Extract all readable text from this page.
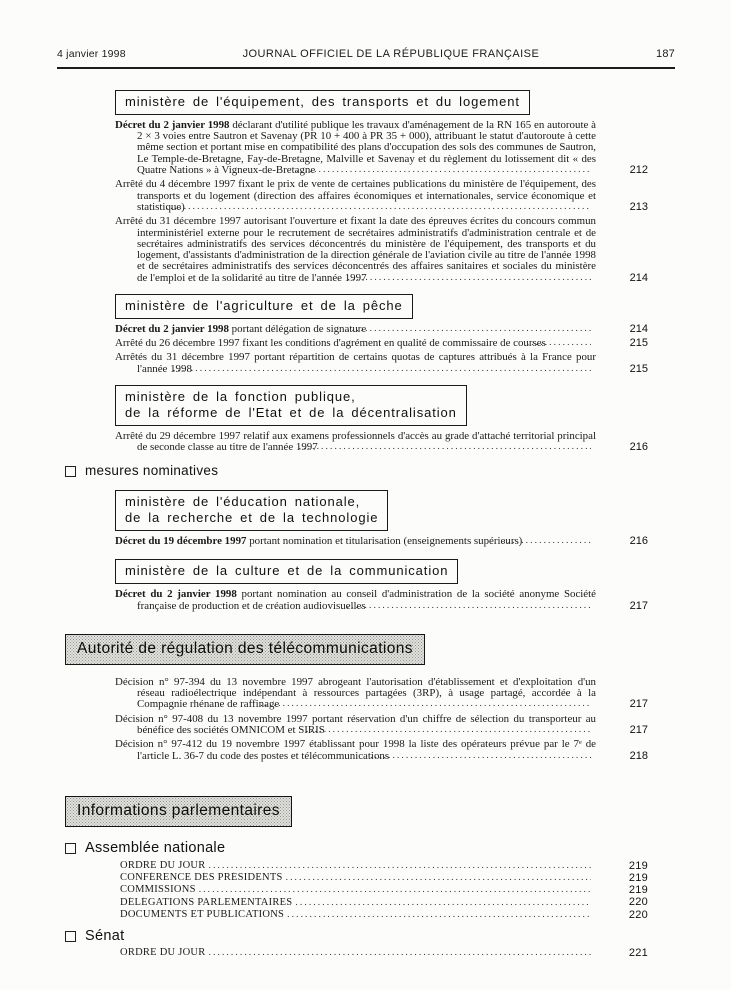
4 janvier 1998	JOURNAL OFFICIEL DE LA RÉPUBLIQUE FRANÇAISE	187
ministère de l'équipement, des transports et du logement
Décret du 2 janvier 1998 déclarant d'utilité publique les travaux d'aménagement de la RN 165 en autoroute à 2 × 3 voies entre Sautron et Savenay (PR 10 + 400 à PR 35 + 000), attribuant le statut d'autoroute à cette même section et portant mise en compatibilité des plans d'occupation des sols des communes de Sautron, Le Temple-de-Bretagne, Fay-de-Bretagne, Malville et Savenay et du règlement du lotissement dit « des Quatre Nations » à Vigneux-de-Bretagne	212
Arrêté du 4 décembre 1997 fixant le prix de vente de certaines publications du ministère de l'équipement, des transports et du logement (direction des affaires économiques et internationales, service économique et statistique)	213
Arrêté du 31 décembre 1997 autorisant l'ouverture et fixant la date des épreuves écrites du concours commun interministériel externe pour le recrutement de secrétaires administratifs d'administration centrale et de secrétaires administratifs des services déconcentrés du ministère de l'équipement, des transports et du logement, d'assistants d'administration de la direction générale de l'aviation civile au titre de l'année 1998 et de secrétaires administratifs des services déconcentrés des affaires sanitaires et sociales du ministère de l'emploi et de la solidarité au titre de l'année 1997	214
ministère de l'agriculture et de la pêche
Décret du 2 janvier 1998 portant délégation de signature	214
Arrêté du 26 décembre 1997 fixant les conditions d'agrément en qualité de commissaire de courses	215
Arrêtés du 31 décembre 1997 portant répartition de certains quotas de captures attribués à la France pour l'année 1998	215
ministère de la fonction publique,
de la réforme de l'Etat et de la décentralisation
Arrêté du 29 décembre 1997 relatif aux examens professionnels d'accès au grade d'attaché territorial principal de seconde classe au titre de l'année 1997	216
mesures nominatives
ministère de l'éducation nationale,
de la recherche et de la technologie
Décret du 19 décembre 1997 portant nomination et titularisation (enseignements supérieurs)	216
ministère de la culture et de la communication
Décret du 2 janvier 1998 portant nomination au conseil d'administration de la société anonyme Société française de production et de création audiovisuelles	217
Autorité de régulation des télécommunications
Décision n° 97-394 du 13 novembre 1997 abrogeant l'autorisation d'établissement et d'exploitation d'un réseau radioélectrique indépendant à ressources partagées (3RP), à usage partagé, accordée à la Compagnie rhénane de raffinage	217
Décision n° 97-408 du 13 novembre 1997 portant réservation d'un chiffre de sélection du transporteur au bénéfice des sociétés OMNICOM et SIRIS	217
Décision n° 97-412 du 19 novembre 1997 établissant pour 1998 la liste des opérateurs prévue par le 7ᵉ de l'article L. 36-7 du code des postes et télécommunications	218
Informations parlementaires
Assemblée nationale
ORDRE DU JOUR	219
CONFÉRENCE DES PRÉSIDENTS	219
COMMISSIONS	219
DÉLÉGATIONS PARLEMENTAIRES	220
DOCUMENTS ET PUBLICATIONS	220
Sénat
ORDRE DU JOUR	221
